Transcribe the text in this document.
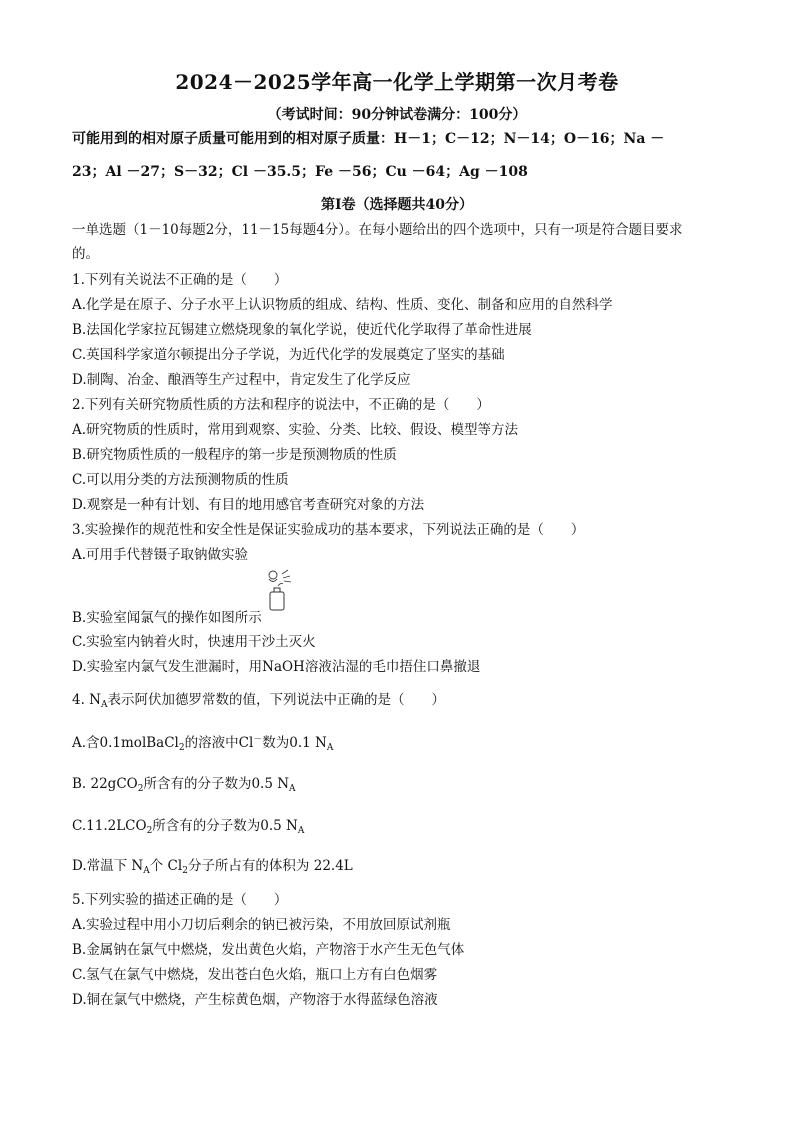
2024－2025学年高一化学上学期第一次月考卷
（考试时间：90分钟试卷满分：100分）
可能用到的相对原子质量可能用到的相对原子质量：H－1；C－12；N－14；O－16；Na －
23；Al －27；S－32；Cl －35.5；Fe －56；Cu －64；Ag －108
第Ⅰ卷（选择题共40分）
一单选题（1－10每题2分，11－15每题4分）。在每小题给出的四个选项中，只有一项是符合题目要求
的。
1.下列有关说法不正确的是（　　）
A.化学是在原子、分子水平上认识物质的组成、结构、性质、变化、制备和应用的自然科学
B.法国化学家拉瓦锡建立燃烧现象的氧化学说，使近代化学取得了革命性进展
C.英国科学家道尔顿提出分子学说，为近代化学的发展奠定了坚实的基础
D.制陶、冶金、酿酒等生产过程中，肯定发生了化学反应
2.下列有关研究物质性质的方法和程序的说法中，不正确的是（　　）
A.研究物质的性质时，常用到观察、实验、分类、比较、假设、模型等方法
B.研究物质性质的一般程序的第一步是预测物质的性质
C.可以用分类的方法预测物质的性质
D.观察是一种有计划、有目的地用感官考查研究对象的方法
3.实验操作的规范性和安全性是保证实验成功的基本要求，下列说法正确的是（　　）
A.可用手代替镊子取钠做实验
B.实验室闻氯气的操作如图所示
C.实验室内钠着火时，快速用干沙土灭火
D.实验室内氯气发生泄漏时，用NaOH溶液沾湿的毛巾捂住口鼻撤退
4. $N_A$表示阿伏加德罗常数的值，下列说法中正确的是（　　）
A.含0.1molBaCl$_2$的溶液中Cl－数为0.1 $N_A$
B. 22gCO$_2$所含有的分子数为0.5 $N_A$
$C.11.2LCO_2$所含有的分子数为0.5 $N_A$
D.常温下 $N_A$个 $Cl_2$分子所占有的体积为 22.4L
5.下列实验的描述正确的是（　　）
A.实验过程中用小刀切后剩余的钠已被污染，不用放回原试剂瓶
B.金属钠在氯气中燃烧，发出黄色火焰，产物溶于水产生无色气体
C.氢气在氯气中燃烧，发出苍白色火焰，瓶口上方有白色烟雾
D.铜在氯气中燃烧，产生棕黄色烟，产物溶于水得蓝绿色溶液
